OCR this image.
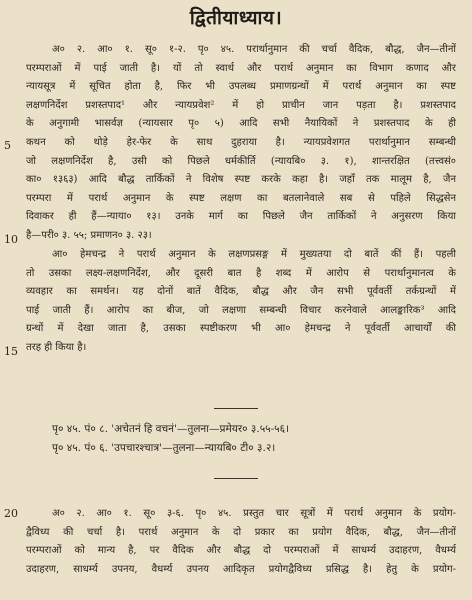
द्वितीयाध्याय।
अ० २. आ० १. सू० १-२. पृ० ४५. परार्थानुमान की चर्चा वैदिक, बौद्ध, जैन—तीनों
परम्पराओं में पाई जाती है। यों तो स्वार्थ और परार्थ अनुमान का विभाग कणाद और
न्यायसूत्र में सूचित होता है, फिर भी उपलब्ध प्रमाणग्रन्थों में परार्थ अनुमान का स्पष्ट
लक्षणनिर्देश प्रशस्तपाद¹ और न्यायप्रवेश² में हो प्राचीन जान पड़ता है। प्रशस्तपाद
के अनुगामी भासर्वज्ञ (न्यायसार पृ० ५) आदि सभी नैयायिकों ने प्रशस्तपाद के ही
कथन को थोड़े हेर-फेर के साथ दुहराया है। न्यायप्रवेशगत परार्थानुमान सम्बन्धी
जो लक्षणनिर्देश है, उसी को पिछले धर्मकीर्ति (न्यायबि० ३. १), शान्तरक्षित (तत्त्वसं०
का० १३६३) आदि बौद्ध तार्किकों ने विशेष स्पष्ट करके कहा है। जहाँ तक मालूम है, जैन
परम्परा में परार्थ अनुमान के स्पष्ट लक्षण का बतलानेवाले सब से पहिले सिद्धसेन
दिवाकर ही हैं—न्याया० १३। उनके मार्ग का पिछले जैन तार्किकों ने अनुसरण किया
है—परी० ३. ५५; प्रमाणन० ३. २३।
आ० हेमचन्द्र ने परार्थ अनुमान के लक्षणप्रसङ्ग में मुख्यतया दो बातें कीं हैं। पहली
तो उसका लक्ष्य-लक्षणनिर्देश, और दूसरी बात है शब्द में आरोप से परार्थानुमानत्व के
व्यवहार का समर्थन। यह दोनों बातें वैदिक, बौद्ध और जैन सभी पूर्ववर्ती तर्कग्रन्थों में
पाई जाती हैं। आरोप का बीज, जो लक्षणा सम्बन्धी विचार करनेवाले आलङ्कारिक³ आदि
ग्रन्थों में देखा जाता है, उसका स्पष्टीकरण भी आ० हेमचन्द्र ने पूर्ववर्ती आचार्यों की
तरह ही किया है।
पृ० ४५. पं० ८. 'अचेतनं हि वचनं'—तुलना—प्रमेयर० ३.५५-५६।
पृ० ४५. पं० ६. 'उपचारश्चात्र'—तुलना—न्यायबि० टी० ३.२।
अ० २. आ० १. सू० ३-६. पृ० ४५. प्रस्तुत चार सूत्रों में परार्थ अनुमान के प्रयोग-
द्वैविध्य की चर्चा है। परार्थ अनुमान के दो प्रकार का प्रयोग वैदिक, बौद्ध, जैन—तीनों
परम्पराओं को मान्य है, पर वैदिक और बौद्ध दो परम्पराओं में साधर्म्य उदाहरण, वैधर्म्य
उदाहरण, साधर्म्य उपनय, वैधर्म्य उपनय आदिकृत प्रयोगद्वैविध्य प्रसिद्ध है। हेतु के प्रयोग-
5
10
15
20
